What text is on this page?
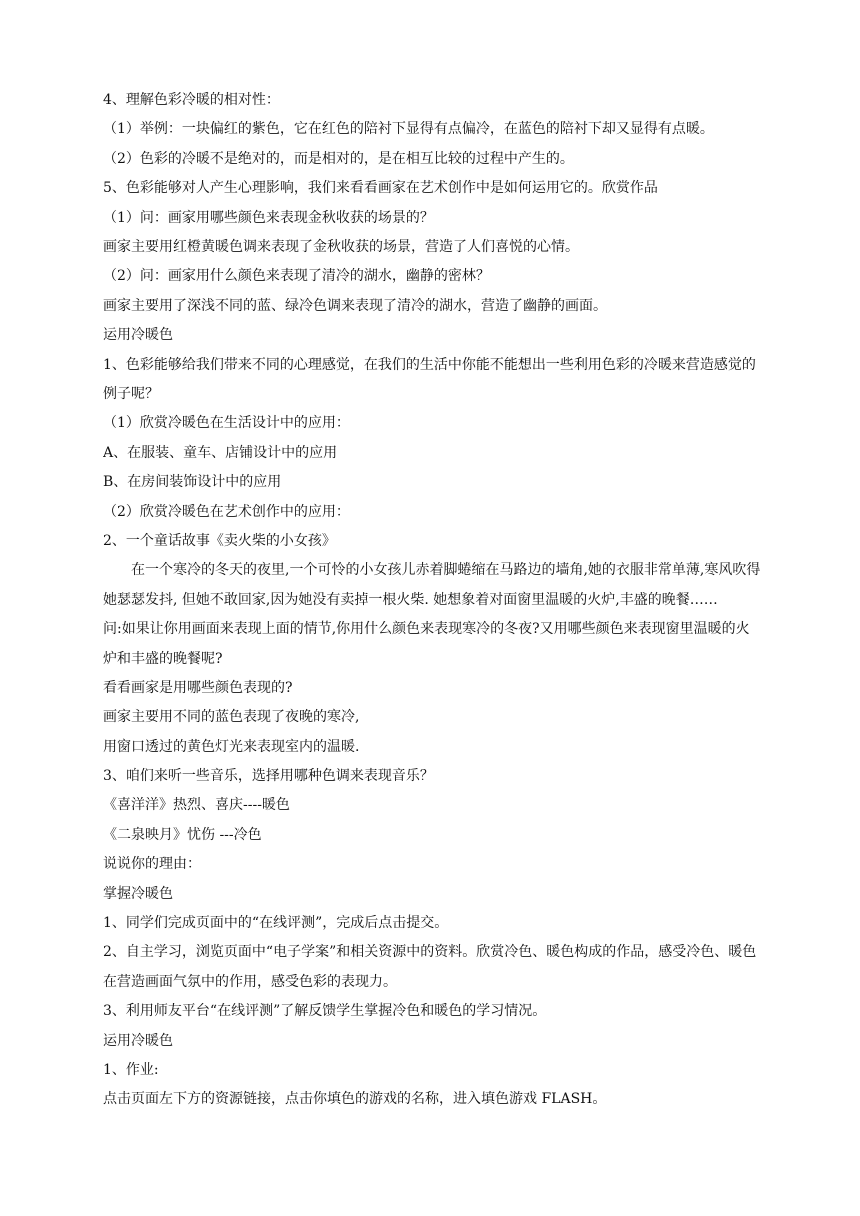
4、理解色彩冷暖的相对性：
（1）举例：一块偏红的紫色，它在红色的陪衬下显得有点偏冷，在蓝色的陪衬下却又显得有点暖。
（2）色彩的冷暖不是绝对的，而是相对的，是在相互比较的过程中产生的。
5、色彩能够对人产生心理影响，我们来看看画家在艺术创作中是如何运用它的。欣赏作品
（1）问：画家用哪些颜色来表现金秋收获的场景的？
画家主要用红橙黄暖色调来表现了金秋收获的场景，营造了人们喜悦的心情。
（2）问：画家用什么颜色来表现了清冷的湖水，幽静的密林？
画家主要用了深浅不同的蓝、绿冷色调来表现了清冷的湖水，营造了幽静的画面。
运用冷暖色
1、色彩能够给我们带来不同的心理感觉，在我们的生活中你能不能想出一些利用色彩的冷暖来营造感觉的例子呢？
（1）欣赏冷暖色在生活设计中的应用：
A、在服装、童车、店铺设计中的应用
B、在房间装饰设计中的应用
（2）欣赏冷暖色在艺术创作中的应用：
2、一个童话故事《卖火柴的小女孩》
在一个寒冷的冬天的夜里,一个可怜的小女孩儿赤着脚蜷缩在马路边的墙角,她的衣服非常单薄,寒风吹得她瑟瑟发抖, 但她不敢回家,因为她没有卖掉一根火柴. 她想象着对面窗里温暖的火炉,丰盛的晚餐……
问:如果让你用画面来表现上面的情节,你用什么颜色来表现寒冷的冬夜?又用哪些颜色来表现窗里温暖的火炉和丰盛的晚餐呢?
看看画家是用哪些颜色表现的?
画家主要用不同的蓝色表现了夜晚的寒冷,
用窗口透过的黄色灯光来表现室内的温暖.
3、咱们来听一些音乐，选择用哪种色调来表现音乐？
《喜洋洋》热烈、喜庆----暖色
《二泉映月》忧伤 ---冷色
说说你的理由：
掌握冷暖色
1、同学们完成页面中的“在线评测”，完成后点击提交。
2、自主学习，浏览页面中“电子学案”和相关资源中的资料。欣赏冷色、暖色构成的作品，感受冷色、暖色在营造画面气氛中的作用，感受色彩的表现力。
3、利用师友平台“在线评测”了解反馈学生掌握冷色和暖色的学习情况。
运用冷暖色
1、作业:
点击页面左下方的资源链接，点击你填色的游戏的名称，进入填色游戏 FLASH。
